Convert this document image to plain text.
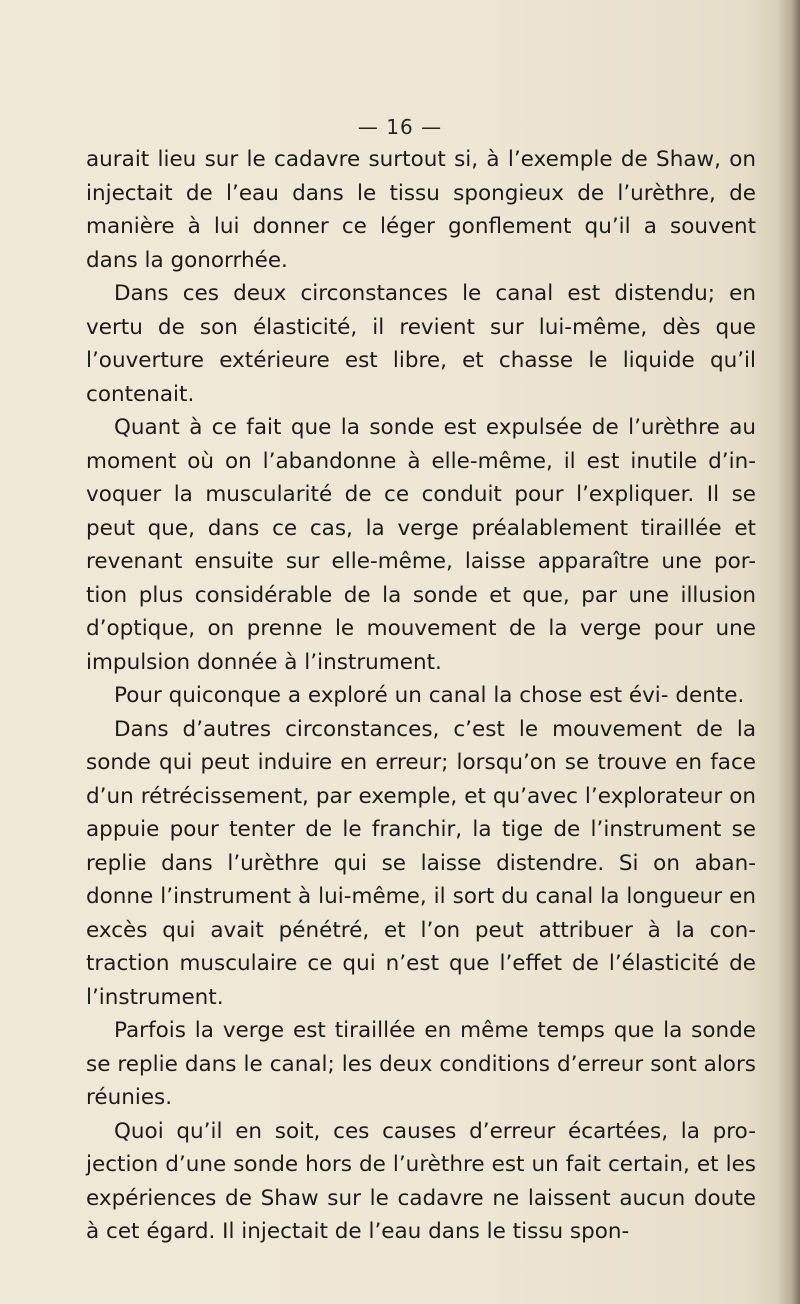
— 16 —

aurait lieu sur le cadavre surtout si, à l’exemple de Shaw, on injectait de l’eau dans le tissu spongieux de l’urèthre, de manière à lui donner ce léger gonflement qu’il a souvent dans la gonorrhée.

Dans ces deux circonstances le canal est distendu; en vertu de son élasticité, il revient sur lui-même, dès que l’ouverture extérieure est libre, et chasse le liquide qu’il contenait.

Quant à ce fait que la sonde est expulsée de l’urèthre au moment où on l’abandonne à elle-même, il est inutile d’in- voquer la muscularité de ce conduit pour l’expliquer. Il se peut que, dans ce cas, la verge préalablement tiraillée et revenant ensuite sur elle-même, laisse apparaître une por- tion plus considérable de la sonde et que, par une illusion d’optique, on prenne le mouvement de la verge pour une impulsion donnée à l’instrument.

Pour quiconque a exploré un canal la chose est évi- dente.

Dans d’autres circonstances, c’est le mouvement de la sonde qui peut induire en erreur; lorsqu’on se trouve en face d’un rétrécissement, par exemple, et qu’avec l’explorateur on appuie pour tenter de le franchir, la tige de l’instrument se replie dans l’urèthre qui se laisse distendre. Si on aban- donne l’instrument à lui-même, il sort du canal la longueur en excès qui avait pénétré, et l’on peut attribuer à la con- traction musculaire ce qui n’est que l’effet de l’élasticité de l’instrument.

Parfois la verge est tiraillée en même temps que la sonde se replie dans le canal; les deux conditions d’erreur sont alors réunies.

Quoi qu’il en soit, ces causes d’erreur écartées, la pro- jection d’une sonde hors de l’urèthre est un fait certain, et les expériences de Shaw sur le cadavre ne laissent aucun doute à cet égard. Il injectait de l’eau dans le tissu spon-
